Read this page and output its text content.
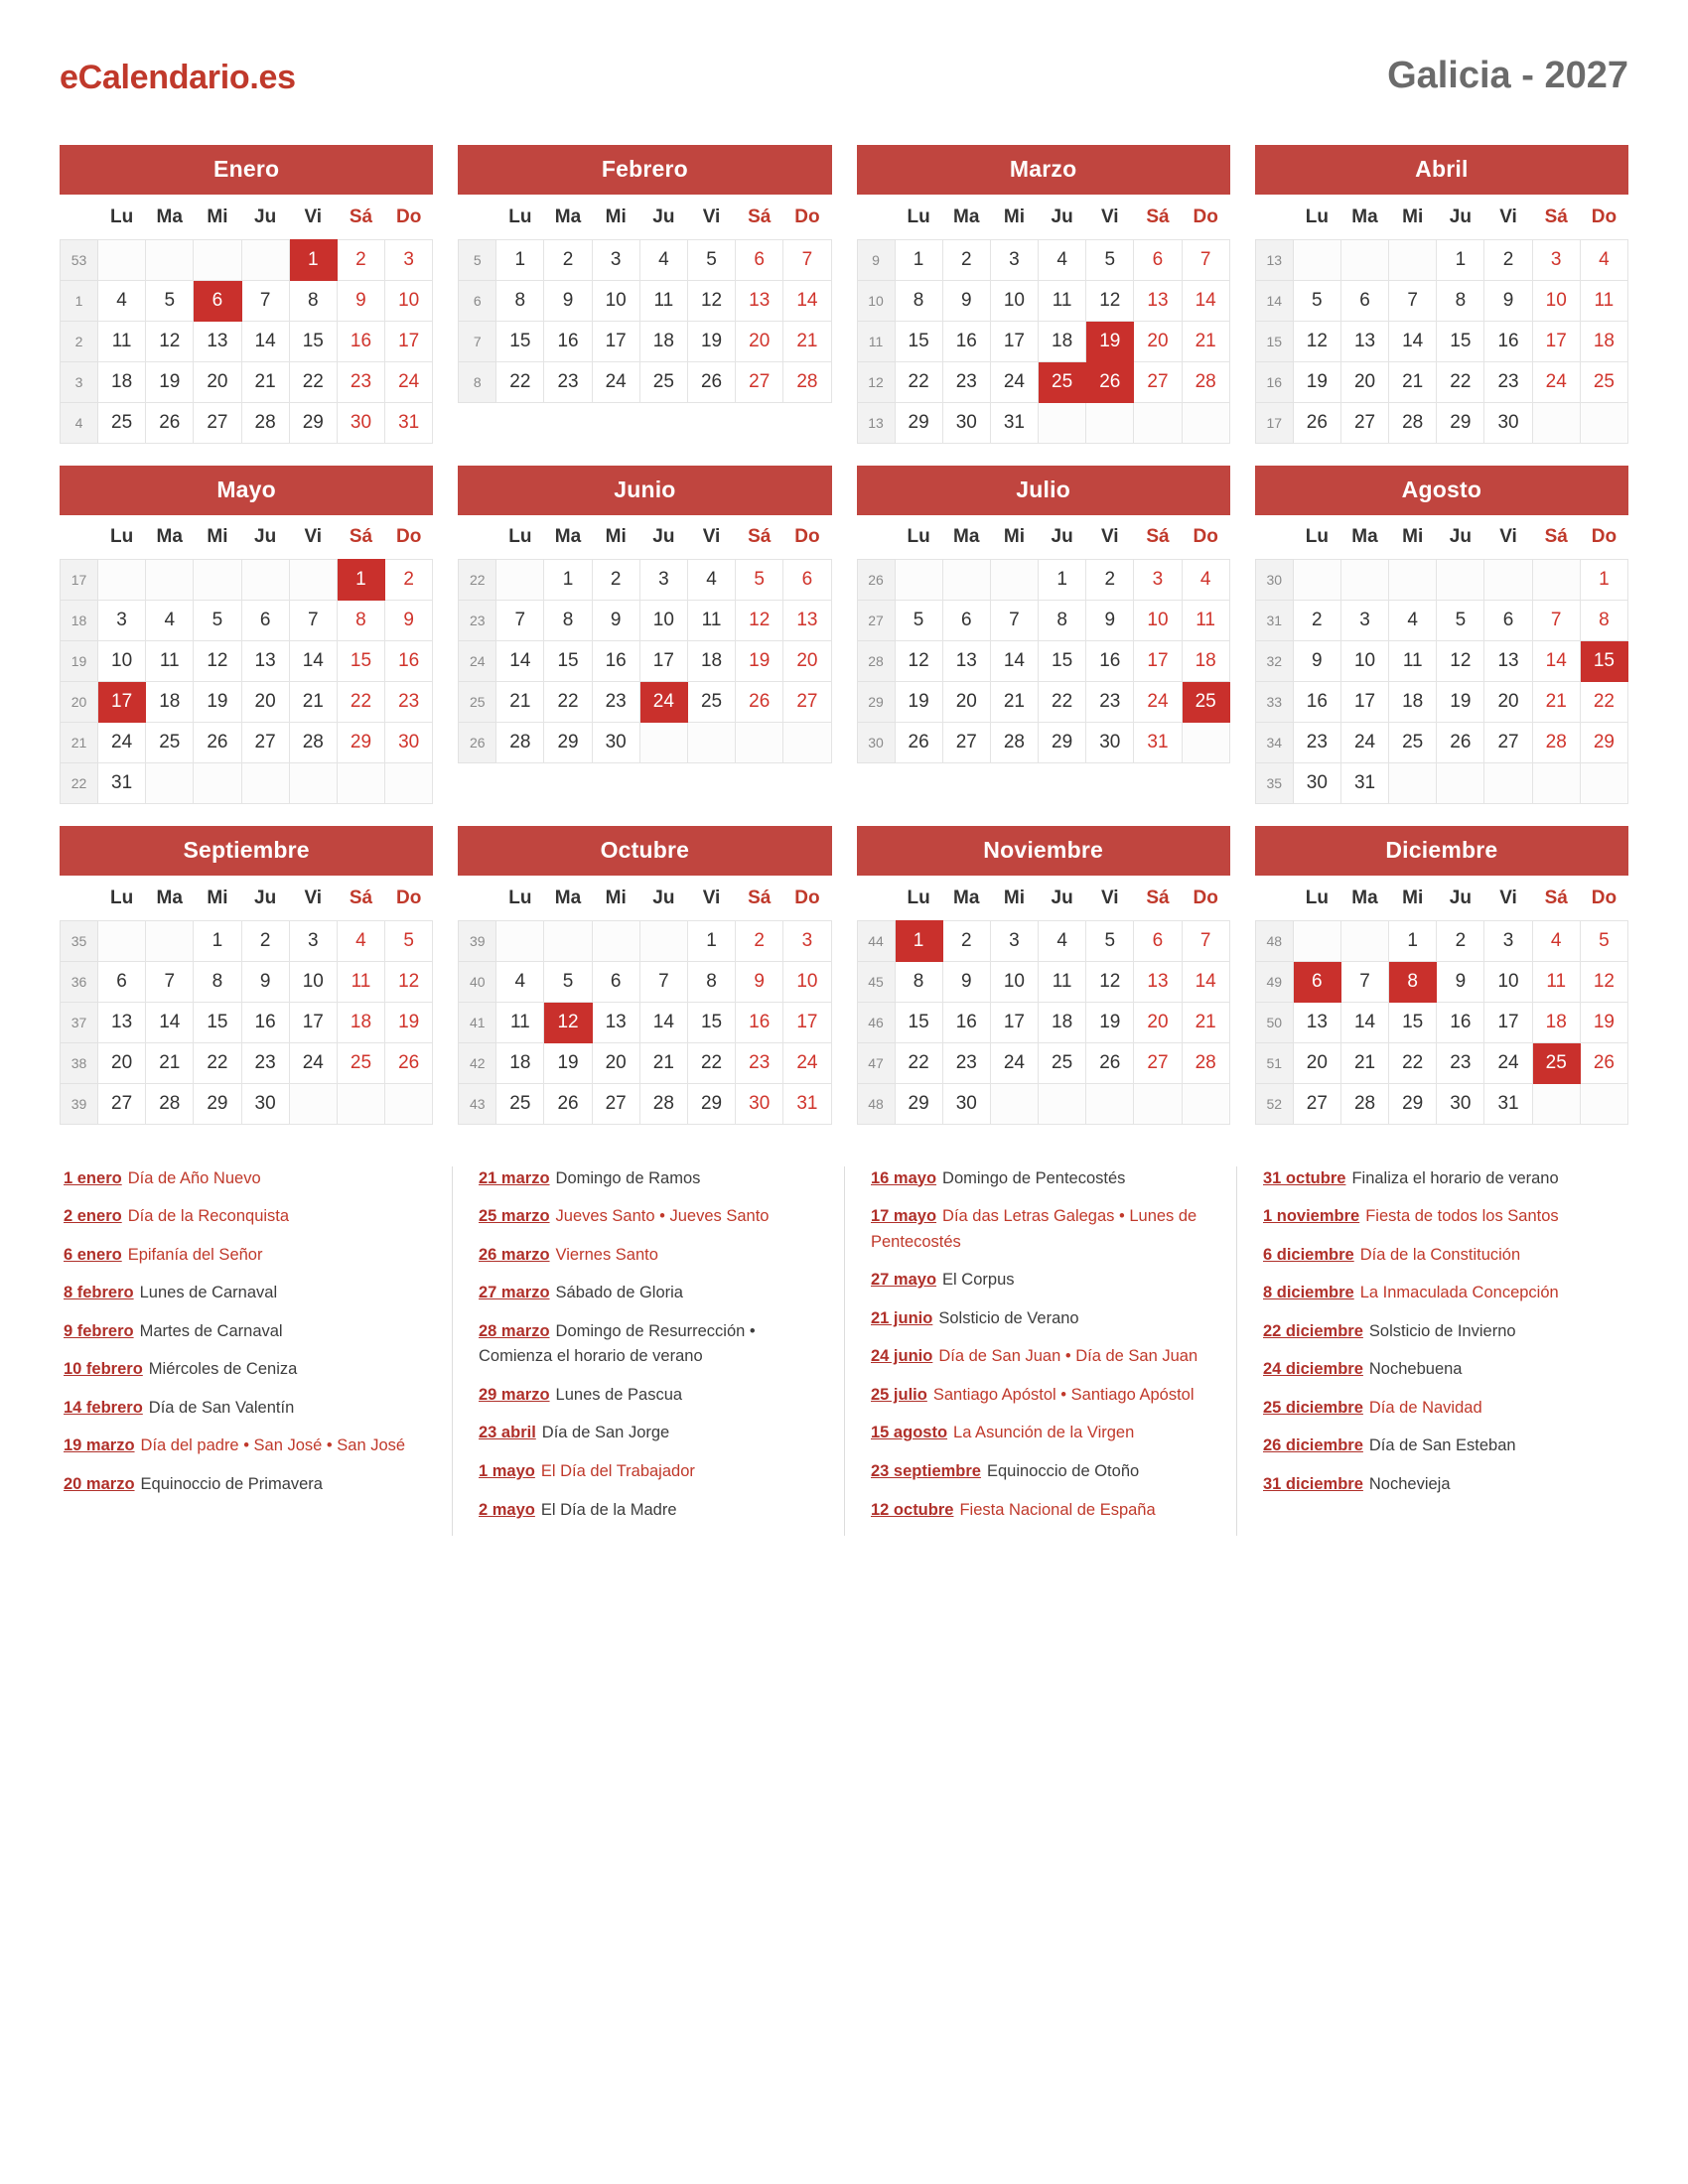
eCalendario.es	Galicia - 2027
Enero
	Lu	Ma	Mi	Ju	Vi	Sá	Do
53					1	2	3
1	4	5	6	7	8	9	10
2	11	12	13	14	15	16	17
3	18	19	20	21	22	23	24
4	25	26	27	28	29	30	31
Febrero
	Lu	Ma	Mi	Ju	Vi	Sá	Do
5	1	2	3	4	5	6	7
6	8	9	10	11	12	13	14
7	15	16	17	18	19	20	21
8	22	23	24	25	26	27	28
Marzo
	Lu	Ma	Mi	Ju	Vi	Sá	Do
9	1	2	3	4	5	6	7
10	8	9	10	11	12	13	14
11	15	16	17	18	19	20	21
12	22	23	24	25	26	27	28
13	29	30	31				
Abril
	Lu	Ma	Mi	Ju	Vi	Sá	Do
13				1	2	3	4
14	5	6	7	8	9	10	11
15	12	13	14	15	16	17	18
16	19	20	21	22	23	24	25
17	26	27	28	29	30		
Mayo
	Lu	Ma	Mi	Ju	Vi	Sá	Do
17						1	2
18	3	4	5	6	7	8	9
19	10	11	12	13	14	15	16
20	17	18	19	20	21	22	23
21	24	25	26	27	28	29	30
22	31						
Junio
	Lu	Ma	Mi	Ju	Vi	Sá	Do
22		1	2	3	4	5	6
23	7	8	9	10	11	12	13
24	14	15	16	17	18	19	20
25	21	22	23	24	25	26	27
26	28	29	30				
Julio
	Lu	Ma	Mi	Ju	Vi	Sá	Do
26				1	2	3	4
27	5	6	7	8	9	10	11
28	12	13	14	15	16	17	18
29	19	20	21	22	23	24	25
30	26	27	28	29	30	31	
Agosto
	Lu	Ma	Mi	Ju	Vi	Sá	Do
30							1
31	2	3	4	5	6	7	8
32	9	10	11	12	13	14	15
33	16	17	18	19	20	21	22
34	23	24	25	26	27	28	29
35	30	31					
Septiembre
	Lu	Ma	Mi	Ju	Vi	Sá	Do
35			1	2	3	4	5
36	6	7	8	9	10	11	12
37	13	14	15	16	17	18	19
38	20	21	22	23	24	25	26
39	27	28	29	30			
Octubre
	Lu	Ma	Mi	Ju	Vi	Sá	Do
39					1	2	3
40	4	5	6	7	8	9	10
41	11	12	13	14	15	16	17
42	18	19	20	21	22	23	24
43	25	26	27	28	29	30	31
Noviembre
	Lu	Ma	Mi	Ju	Vi	Sá	Do
44	1	2	3	4	5	6	7
45	8	9	10	11	12	13	14
46	15	16	17	18	19	20	21
47	22	23	24	25	26	27	28
48	29	30					
Diciembre
	Lu	Ma	Mi	Ju	Vi	Sá	Do
48			1	2	3	4	5
49	6	7	8	9	10	11	12
50	13	14	15	16	17	18	19
51	20	21	22	23	24	25	26
52	27	28	29	30	31		
1 enero Día de Año Nuevo
2 enero Día de la Reconquista
6 enero Epifanía del Señor
8 febrero Lunes de Carnaval
9 febrero Martes de Carnaval
10 febrero Miércoles de Ceniza
14 febrero Día de San Valentín
19 marzo Día del padre • San José • San José
20 marzo Equinoccio de Primavera
21 marzo Domingo de Ramos
25 marzo Jueves Santo • Jueves Santo
26 marzo Viernes Santo
27 marzo Sábado de Gloria
28 marzo Domingo de Resurrección • Comienza el horario de verano
29 marzo Lunes de Pascua
23 abril Día de San Jorge
1 mayo El Día del Trabajador
2 mayo El Día de la Madre
16 mayo Domingo de Pentecostés
17 mayo Día das Letras Galegas • Lunes de Pentecostés
27 mayo El Corpus
21 junio Solsticio de Verano
24 junio Día de San Juan • Día de San Juan
25 julio Santiago Apóstol • Santiago Apóstol
15 agosto La Asunción de la Virgen
23 septiembre Equinoccio de Otoño
12 octubre Fiesta Nacional de España
31 octubre Finaliza el horario de verano
1 noviembre Fiesta de todos los Santos
6 diciembre Día de la Constitución
8 diciembre La Inmaculada Concepción
22 diciembre Solsticio de Invierno
24 diciembre Nochebuena
25 diciembre Día de Navidad
26 diciembre Día de San Esteban
31 diciembre Nochevieja
